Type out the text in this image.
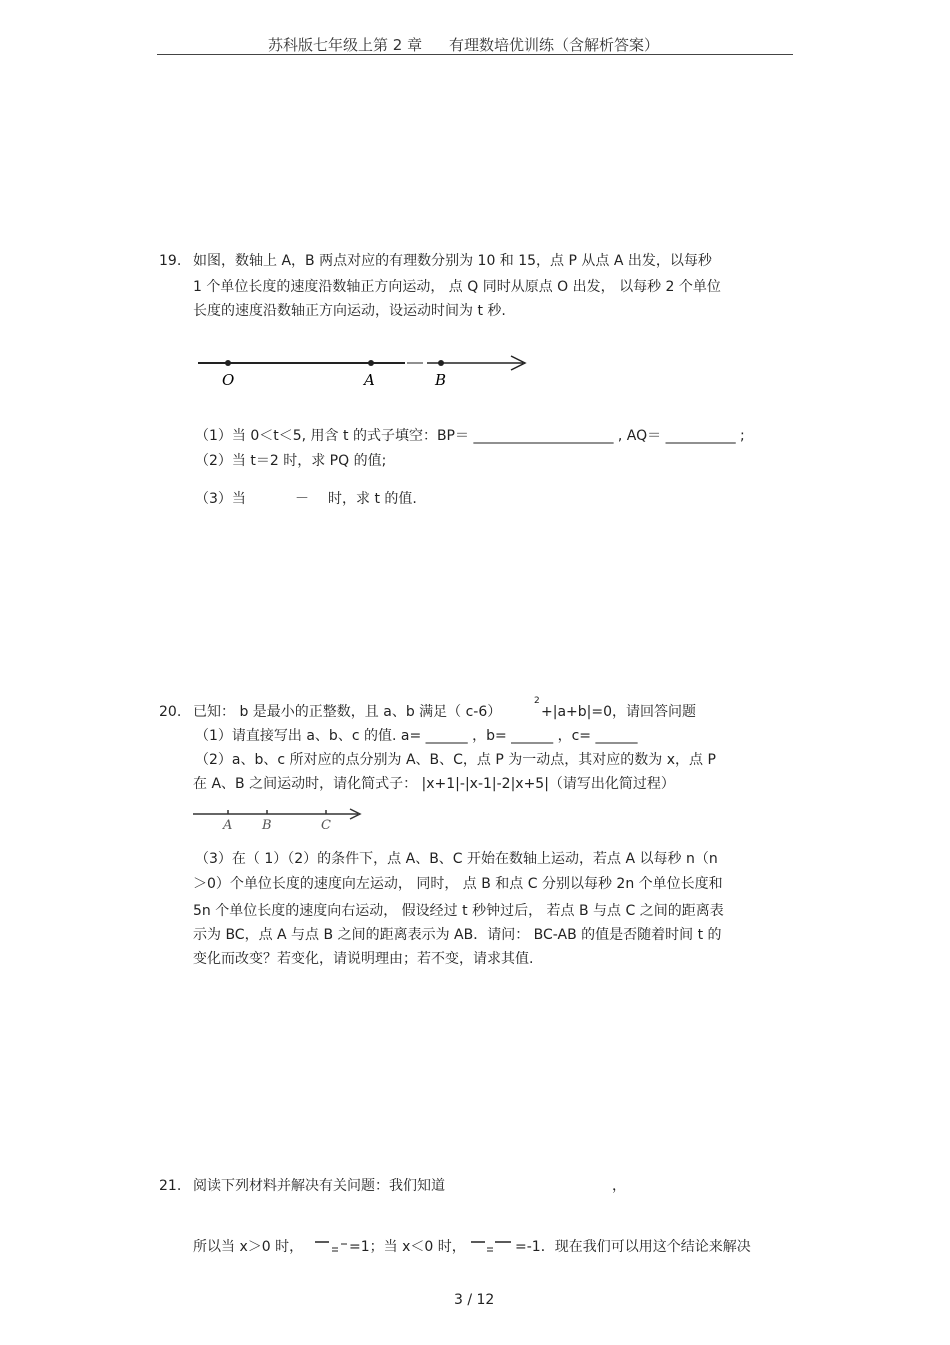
苏科版七年级上第 2 章 有理数培优训练（含解析答案）
19. 如图，数轴上 A，B 两点对应的有理数分别为 10 和 15，点 P 从点 A 出发，以每秒
1 个单位长度的速度沿数轴正方向运动， 点 Q 同时从原点 O 出发， 以每秒 2 个单位
长度的速度沿数轴正方向运动，设运动时间为 t 秒.
O	A	B
（1）当 0＜t＜5, 用含 t 的式子填空：BP＝ ____________________ , AQ＝ __________ ;
（2）当 t＝2 时，求 PQ 的值;
（3）当	－ 时，求 t 的值.
20. 已知： b 是最小的正整数，且 a、b 满足（ c-6）
2
+|a+b|=0，请回答问题
（1）请直接写出 a、b、c 的值. a= ______ ，b= ______ ，c= ______
（2）a、b、c 所对应的点分别为 A、B、C，点 P 为一动点，其对应的数为 x，点 P
在 A、B 之间运动时，请化简式子： |x+1|-|x-1|-2|x+5|（请写出化简过程）
A B	C
（3）在（ 1）（2）的条件下，点 A、B、C 开始在数轴上运动，若点 A 以每秒 n（n
＞0）个单位长度的速度向左运动， 同时， 点 B 和点 C 分别以每秒 2n 个单位长度和
5n 个单位长度的速度向右运动， 假设经过 t 秒钟过后， 若点 B 与点 C 之间的距离表
示为 BC，点 A 与点 B 之间的距离表示为 AB．请问： BC-AB 的值是否随着时间 t 的
变化而改变？若变化，请说明理由；若不变，请求其值.
21. 阅读下列材料并解决有关问题：我们知道	，
所以当 x＞0 时，	=1；当 x＜0 时，	=-1．现在我们可以用这个结论来解决
3 / 12
